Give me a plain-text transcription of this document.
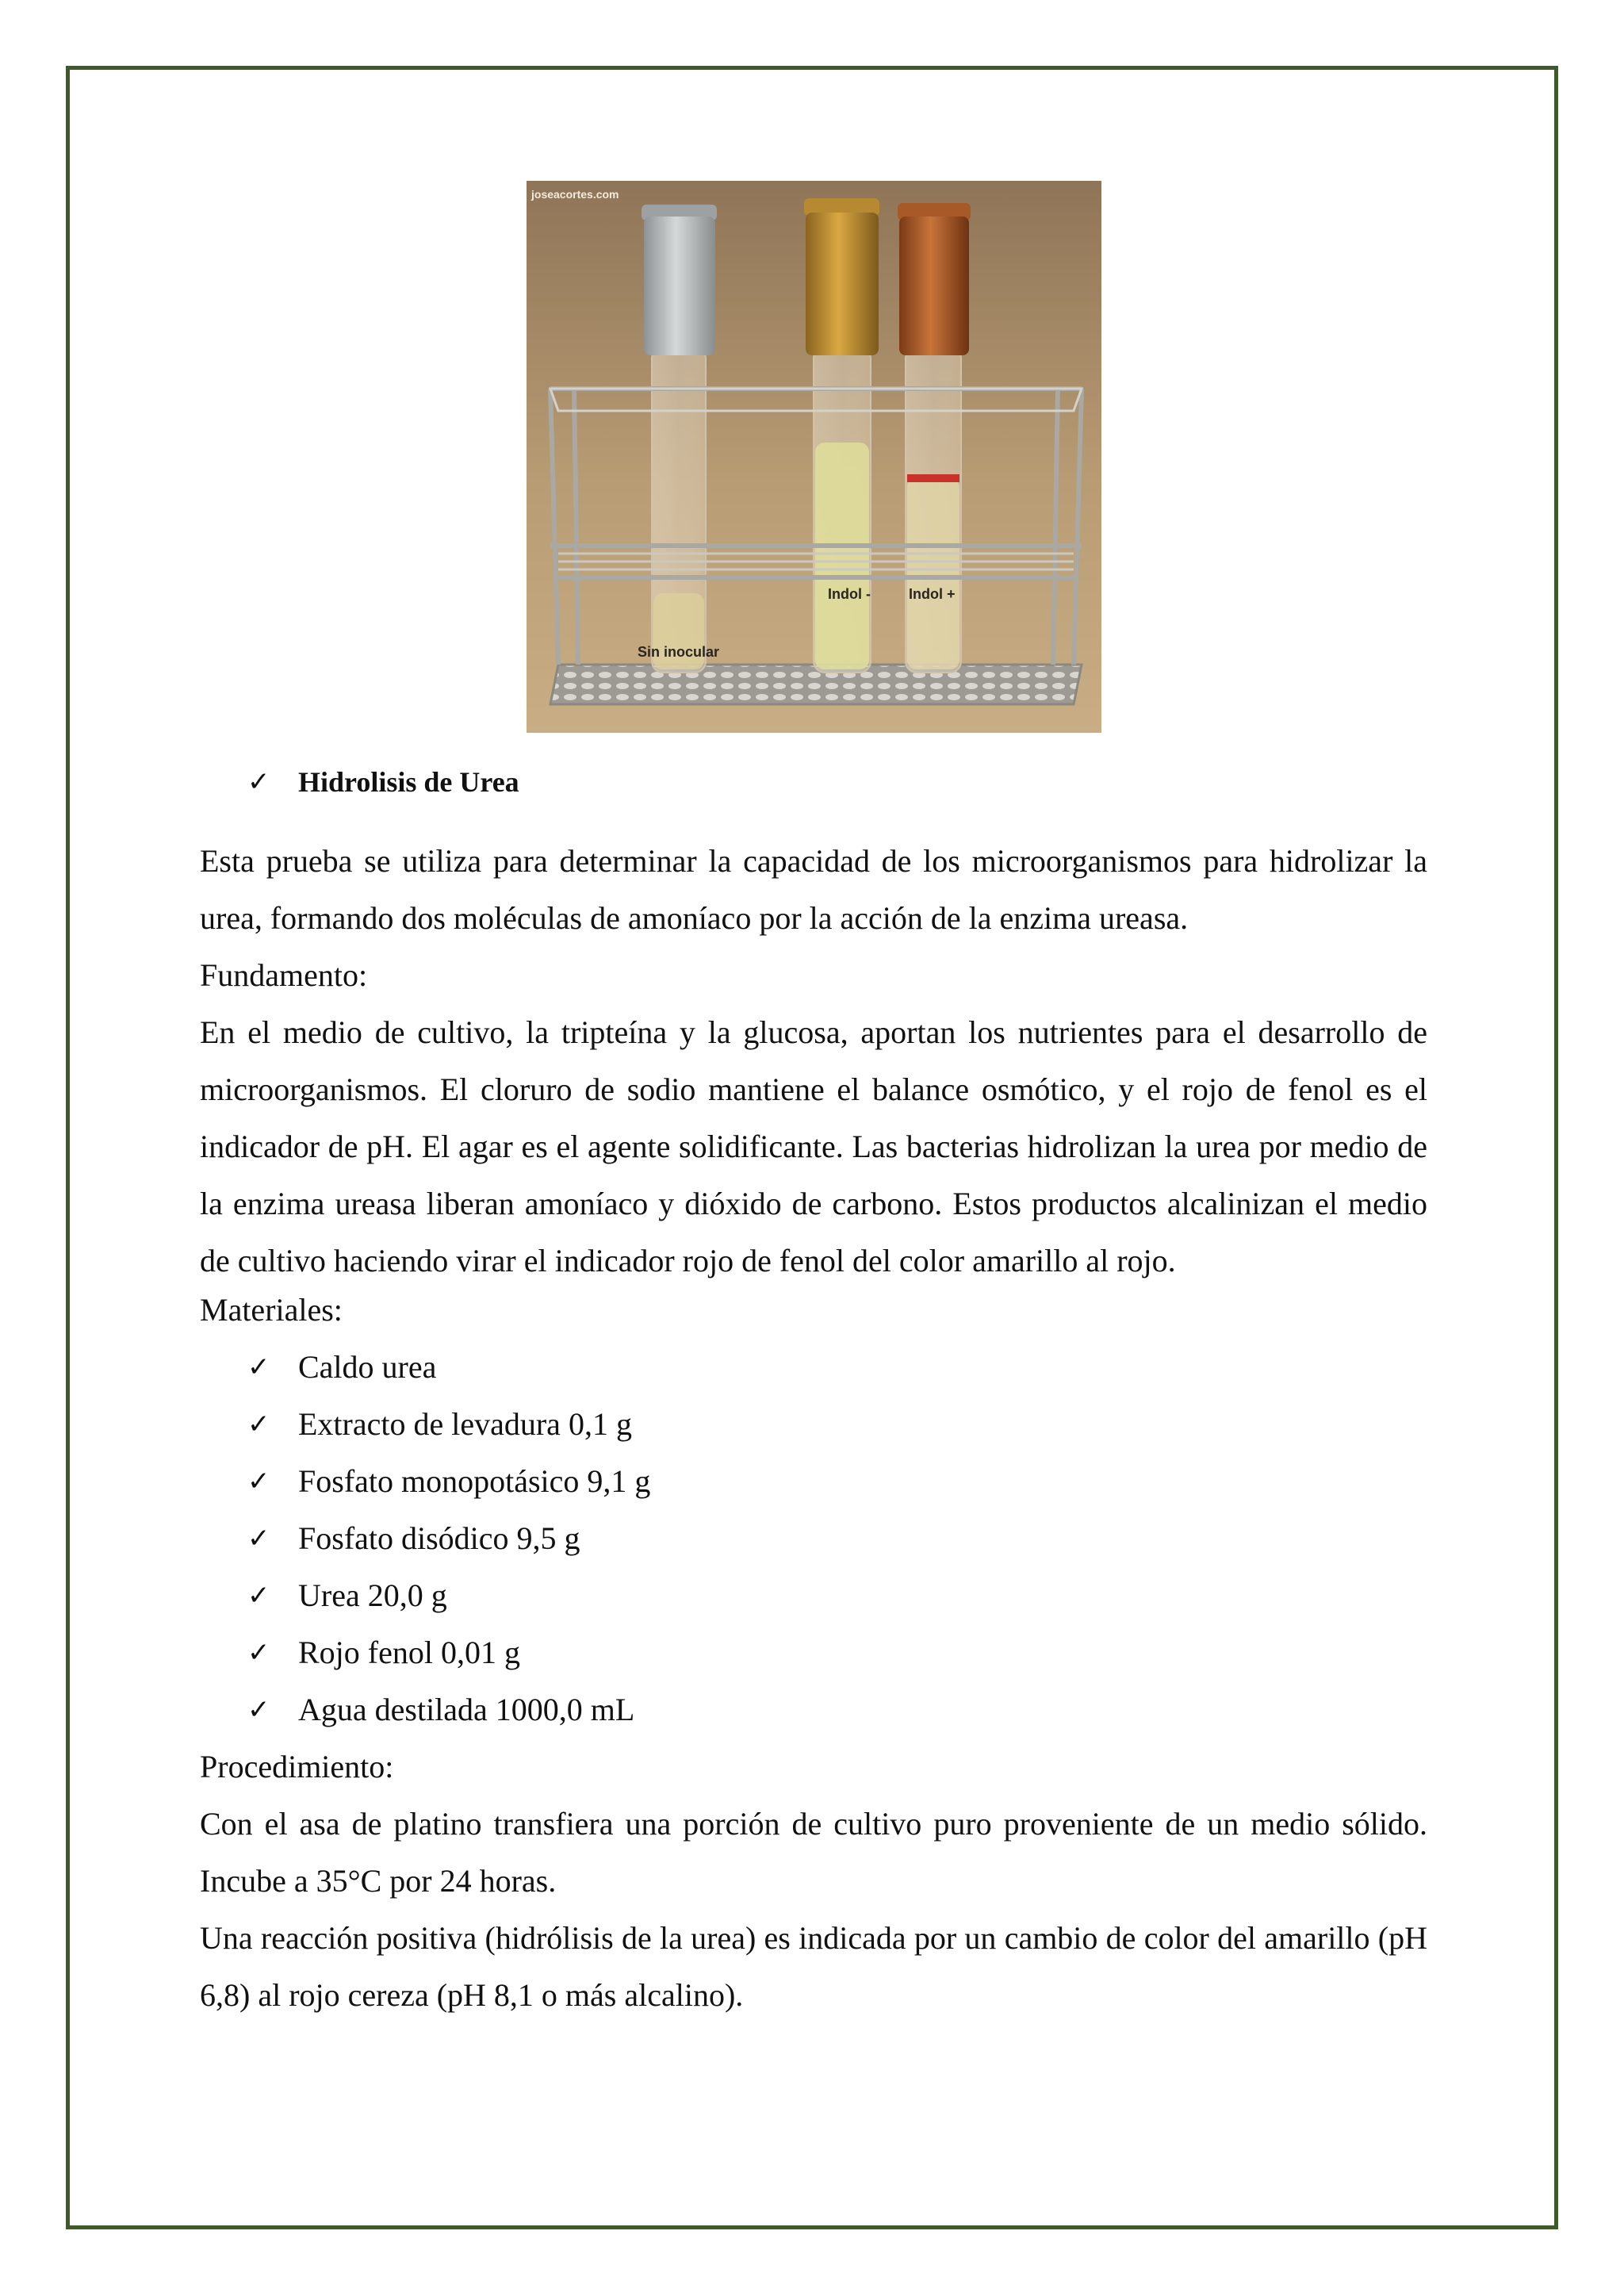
joseacortes.com
Sin inocular
Indol -	Indol +
✓ Hidrolisis de Urea

Esta prueba se utiliza para determinar la capacidad de los microorganismos para hidrolizar la urea, formando dos moléculas de amoníaco por la acción de la enzima ureasa.

Fundamento:

En el medio de cultivo, la tripteína y la glucosa, aportan los nutrientes para el desarrollo de microorganismos. El cloruro de sodio mantiene el balance osmótico, y el rojo de fenol es el indicador de pH. El agar es el agente solidificante. Las bacterias hidrolizan la urea por medio de la enzima ureasa liberan amoníaco y dióxido de carbono. Estos productos alcalinizan el medio de cultivo haciendo virar el indicador rojo de fenol del color amarillo al rojo.

Materiales:

✓ Caldo urea
✓ Extracto de levadura 0,1 g
✓ Fosfato monopotásico 9,1 g
✓ Fosfato disódico 9,5 g
✓ Urea 20,0 g
✓ Rojo fenol 0,01 g
✓ Agua destilada 1000,0 mL

Procedimiento:

Con el asa de platino transfiera una porción de cultivo puro proveniente de un medio sólido. Incube a 35°C por 24 horas.

Una reacción positiva (hidrólisis de la urea) es indicada por un cambio de color del amarillo (pH 6,8) al rojo cereza (pH 8,1 o más alcalino).
